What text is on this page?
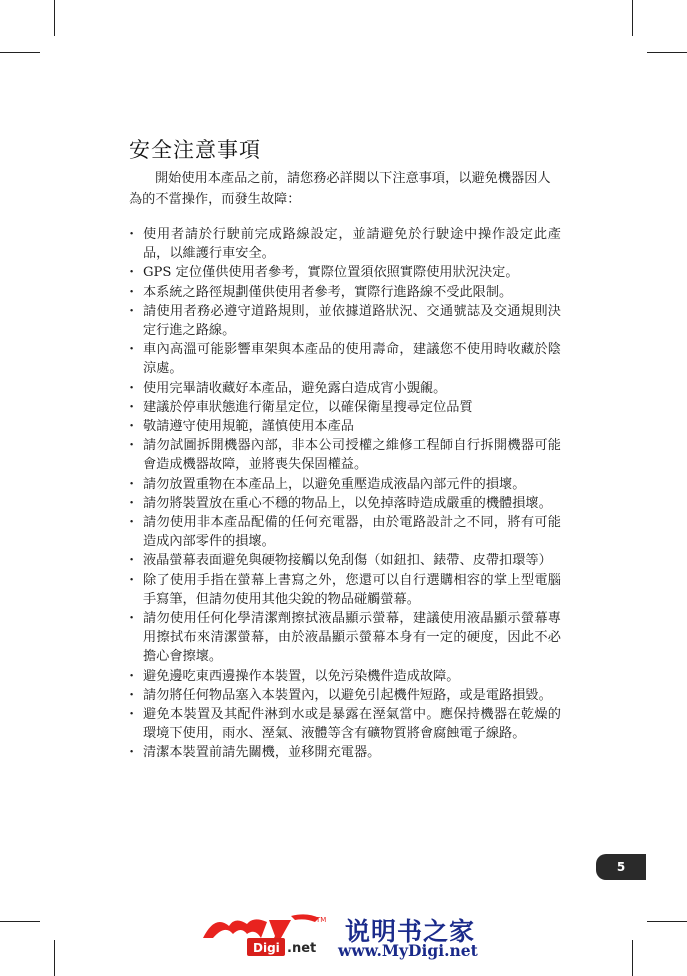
安全注意事項

開始使用本產品之前，請您務必詳閱以下注意事項，以避免機器因人為的不當操作，而發生故障：

・ 使用者請於行駛前完成路線設定，並請避免於行駛途中操作設定此產品，以維護行車安全。
・ GPS 定位僅供使用者參考，實際位置須依照實際使用狀況決定。
・ 本系統之路徑規劃僅供使用者參考，實際行進路線不受此限制。
・ 請使用者務必遵守道路規則，並依據道路狀況、交通號誌及交通規則決定行進之路線。
・ 車內高溫可能影響車架與本產品的使用壽命，建議您不使用時收藏於陰涼處。
・ 使用完畢請收藏好本產品，避免露白造成宵小覬覦。
・ 建議於停車狀態進行衛星定位，以確保衛星搜尋定位品質
・ 敬請遵守使用規範，謹慎使用本產品
・ 請勿試圖拆開機器內部，非本公司授權之維修工程師自行拆開機器可能會造成機器故障，並將喪失保固權益。
・ 請勿放置重物在本產品上，以避免重壓造成液晶內部元件的損壞。
・ 請勿將裝置放在重心不穩的物品上，以免掉落時造成嚴重的機體損壞。
・ 請勿使用非本產品配備的任何充電器，由於電路設計之不同，將有可能造成內部零件的損壞。
・ 液晶螢幕表面避免與硬物接觸以免刮傷（如鈕扣、錶帶、皮帶扣環等）
・ 除了使用手指在螢幕上書寫之外，您還可以自行選購相容的掌上型電腦手寫筆，但請勿使用其他尖銳的物品碰觸螢幕。
・ 請勿使用任何化學清潔劑擦拭液晶顯示螢幕，建議使用液晶顯示螢幕專用擦拭布來清潔螢幕，由於液晶顯示螢幕本身有一定的硬度，因此不必擔心會擦壞。
・ 避免邊吃東西邊操作本裝置，以免污染機件造成故障。
・ 請勿將任何物品塞入本裝置內，以避免引起機件短路，或是電路損毀。
・ 避免本裝置及其配件淋到水或是暴露在溼氣當中。應保持機器在乾燥的環境下使用，雨水、溼氣、液體等含有礦物質將會腐蝕電子線路。
・ 清潔本裝置前請先關機，並移開充電器。
5
TM
Digi .net
说明书之家
www.MyDigi.net
